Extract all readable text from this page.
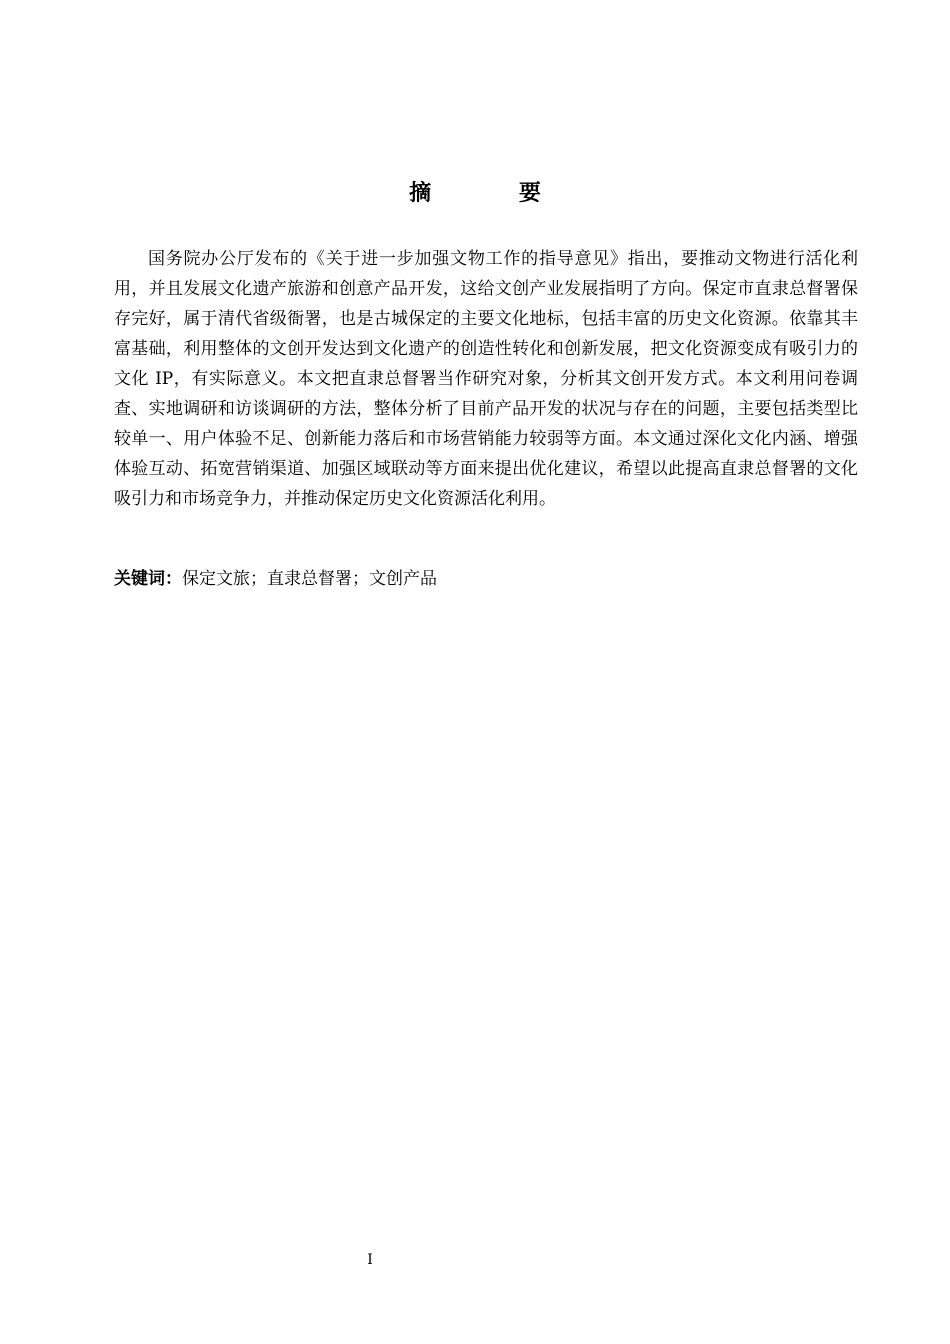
摘 要

国务院办公厅发布的《关于进一步加强文物工作的指导意见》指出，要推动文物进行活化利用，并且发展文化遗产旅游和创意产品开发，这给文创产业发展指明了方向。保定市直隶总督署保存完好，属于清代省级衙署，也是古城保定的主要文化地标，包括丰富的历史文化资源。依靠其丰富基础，利用整体的文创开发达到文化遗产的创造性转化和创新发展，把文化资源变成有吸引力的文化 IP，有实际意义。本文把直隶总督署当作研究对象，分析其文创开发方式。本文利用问卷调查、实地调研和访谈调研的方法，整体分析了目前产品开发的状况与存在的问题，主要包括类型比较单一、用户体验不足、创新能力落后和市场营销能力较弱等方面。本文通过深化文化内涵、增强体验互动、拓宽营销渠道、加强区域联动等方面来提出优化建议，希望以此提高直隶总督署的文化吸引力和市场竞争力，并推动保定历史文化资源活化利用。

关键词：保定文旅；直隶总督署；文创产品

I
